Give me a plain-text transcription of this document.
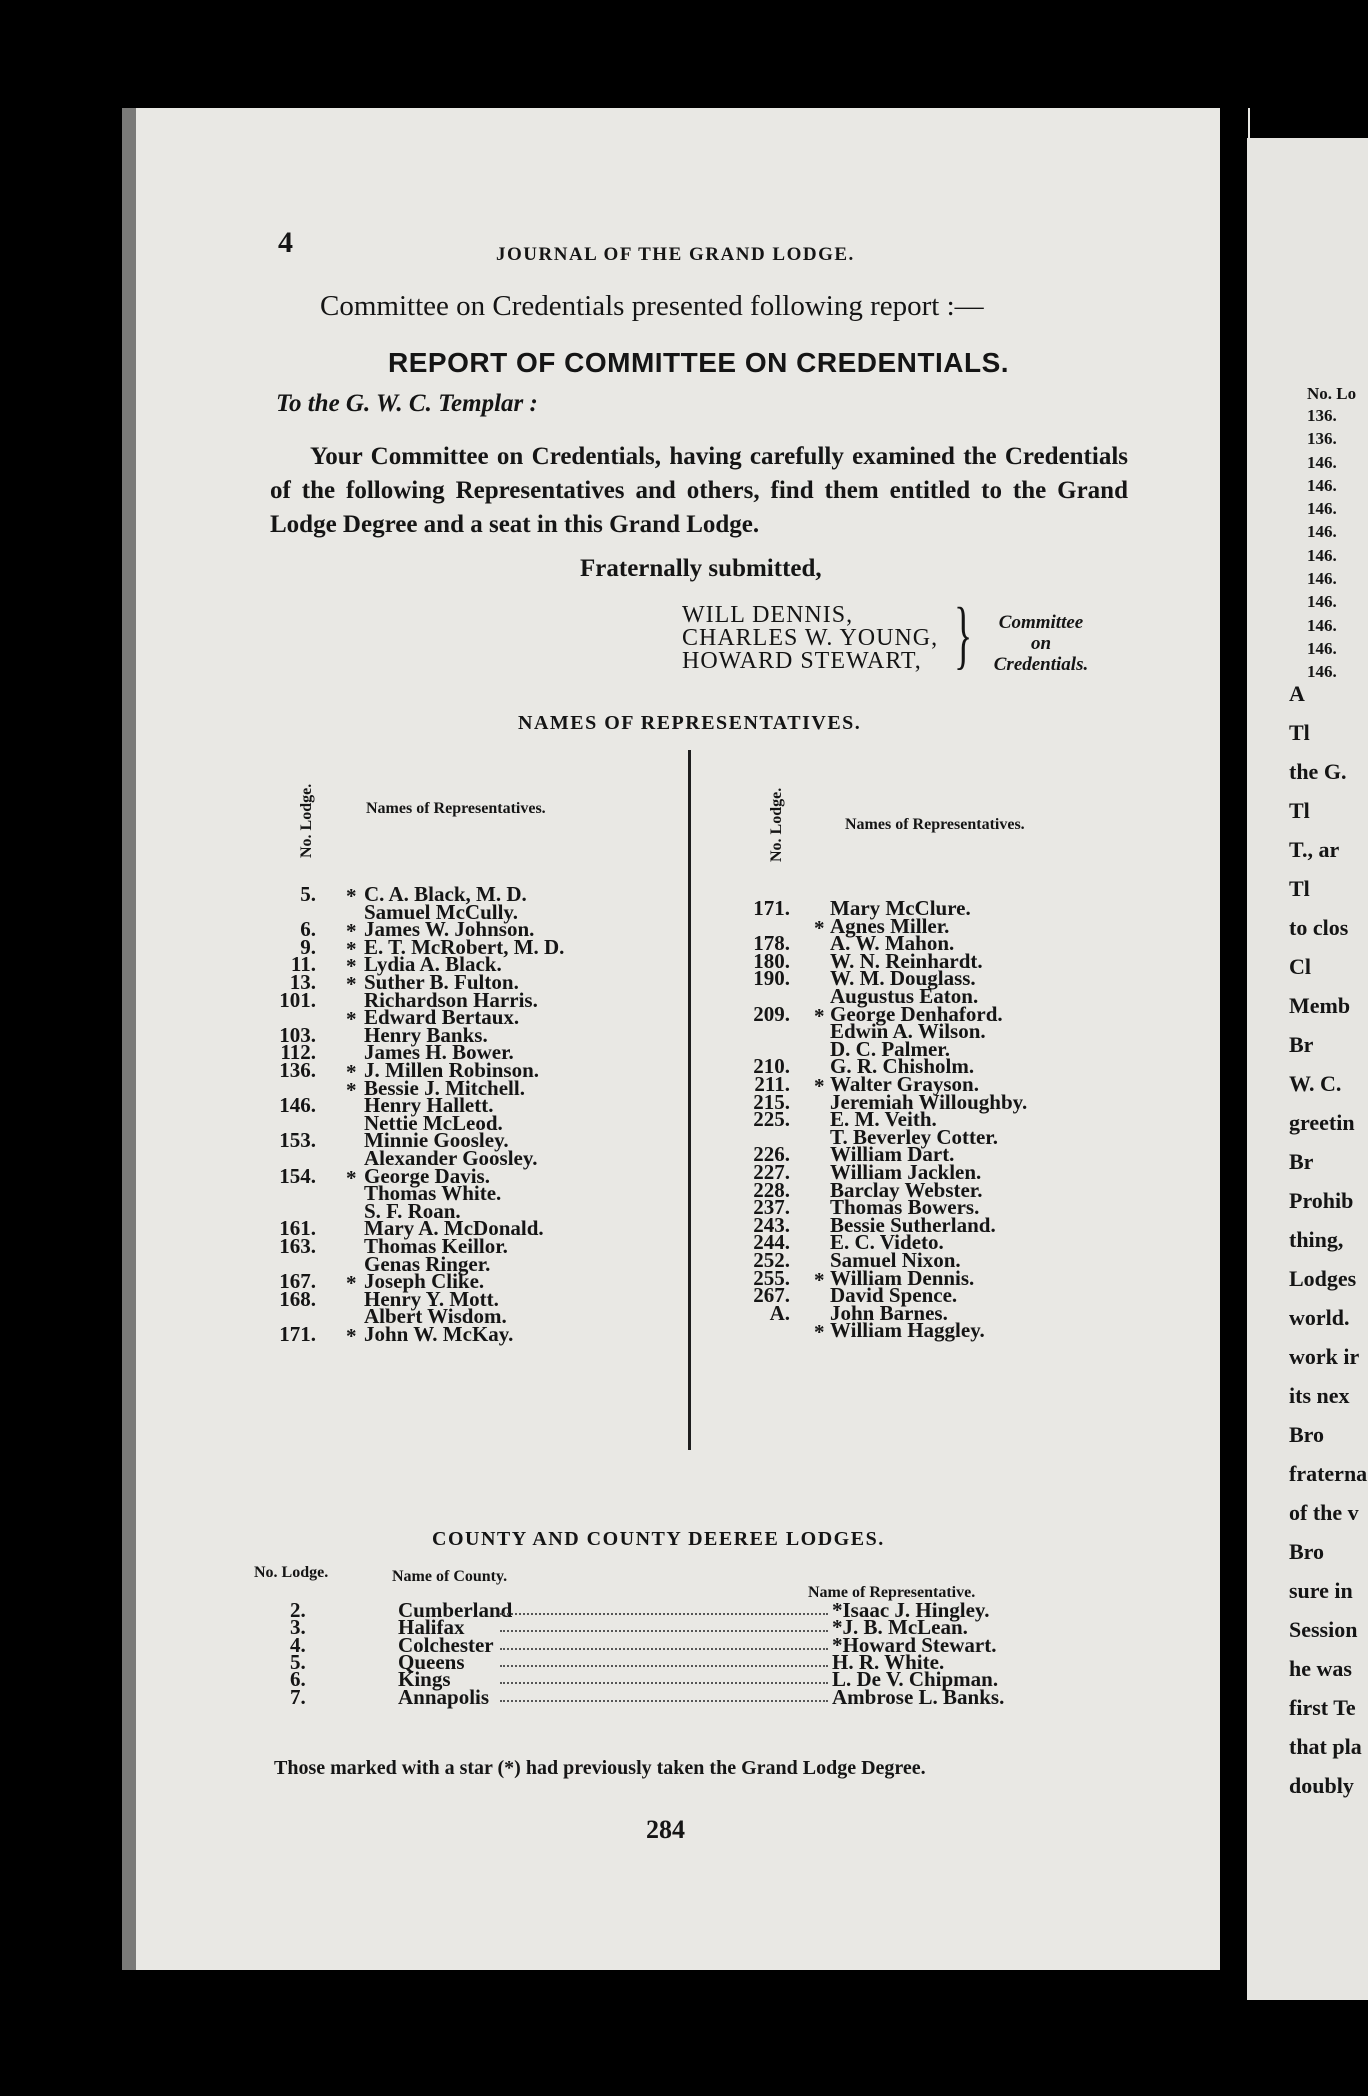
No. Lo
136.
136.
146.
146.
146.
146.
146.
146.
146.
146.
146.
146.
A
Tl
the G.
Tl
T., ar
Tl
to clos
Cl
Memb
Br
W. C.
greetin
Br
Prohib
thing,
Lodges
world.
work ir
its nex
Bro
fraterna
of the v
Bro
sure in
Session
he was
first Te
that pla
doubly
4	JOURNAL OF THE GRAND LODGE.
Committee on Credentials presented following report :—
REPORT OF COMMITTEE ON CREDENTIALS.
To the G. W. C. Templar :
Your Committee on Credentials, having carefully examined the Credentials of the following Representatives and others, find them entitled to the Grand Lodge Degree and a seat in this Grand Lodge.
Fraternally submitted,
WILL DENNIS,
CHARLES W. YOUNG,
HOWARD STEWART, }	Committee
on
Credentials.
NAMES OF REPRESENTATIVES.
No. Lodge.	Names of Representatives.	No. Lodge.	Names of Representatives.
5. * C. A. Black, M. D.
Samuel McCully.
6. * James W. Johnson.
9. * E. T. McRobert, M. D.
11. * Lydia A. Black.
13. * Suther B. Fulton.
101. Richardson Harris.
* Edward Bertaux.
103. Henry Banks.
112. James H. Bower.
136. * J. Millen Robinson.
* Bessie J. Mitchell.
146. Henry Hallett.
Nettie McLeod.
153. Minnie Goosley.
Alexander Goosley.
154. * George Davis.
Thomas White.
S. F. Roan.
161. Mary A. McDonald.
163. Thomas Keillor.
Genas Ringer.
167. * Joseph Clike.
168. Henry Y. Mott.
Albert Wisdom.
171. * John W. McKay.
171. Mary McClure.
* Agnes Miller.
178. A. W. Mahon.
180. W. N. Reinhardt.
190. W. M. Douglass.
Augustus Eaton.
209. * George Denhaford.
Edwin A. Wilson.
D. C. Palmer.
210. G. R. Chisholm.
211. * Walter Grayson.
215. Jeremiah Willoughby.
225. E. M. Veith.
T. Beverley Cotter.
226. William Dart.
227. William Jacklen.
228. Barclay Webster.
237. Thomas Bowers.
243. Bessie Sutherland.
244. E. C. Videto.
252. Samuel Nixon.
255. * William Dennis.
267. David Spence.
A. John Barnes.
* William Haggley.
COUNTY AND COUNTY DEEREE LODGES.
No. Lodge.	Name of County.
Name of Representative.
2.	Cumberland	*Isaac J. Hingley.
3.	Halifax	*J. B. McLean.
4.	Colchester	*Howard Stewart.
5.	Queens	H. R. White.
6.	Kings	L. De V. Chipman.
7.	Annapolis	Ambrose L. Banks.
Those marked with a star (*) had previously taken the Grand Lodge Degree.
284
